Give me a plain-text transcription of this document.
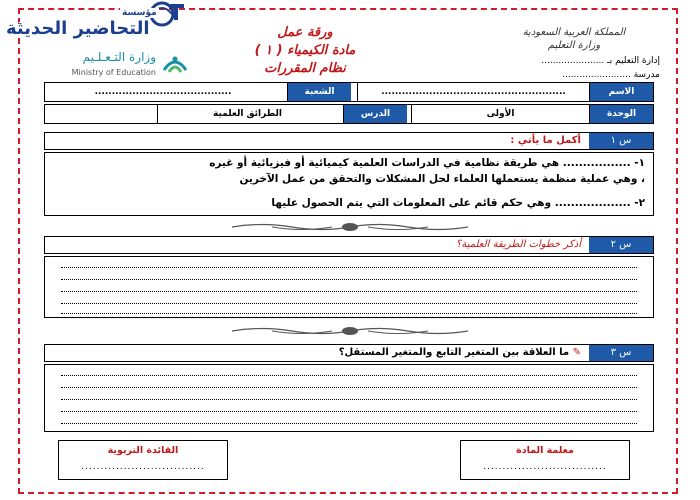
مؤسسة
التحاضير الحديثة
وزارة التـعـلـيم
Ministry of Education
ورقة عمل
مادة الكيمياء ( ١ )
نظام المقررات
المملكة العربية السعودية
وزارة التعليم
إدارة التعليم بـ ......................
مدرسة ........................
الاسم
......................................................
الشعبة
........................................
الوحدة
الأولى
الدرس
الطرائق العلمية
س ١
أكمل ما يأتي :
١- ................. هي طريقة نظامية في الدراسات العلمية كيميائية أو فيزيائية أو غيره
، وهي عملية منظمة يستعملها العلماء لحل المشكلات والتحقق من عمل الآخرين
٢- ................... وهي حكم قائم على المعلومات التي يتم الحصول عليها
س ٢
أذكر خطوات الطريقة العلمية؟
س ٣
✎ ما العلاقة بين المتغير التابع والمتغير المستقل؟
معلمة المادة
................................
القائدة التربوية
................................
